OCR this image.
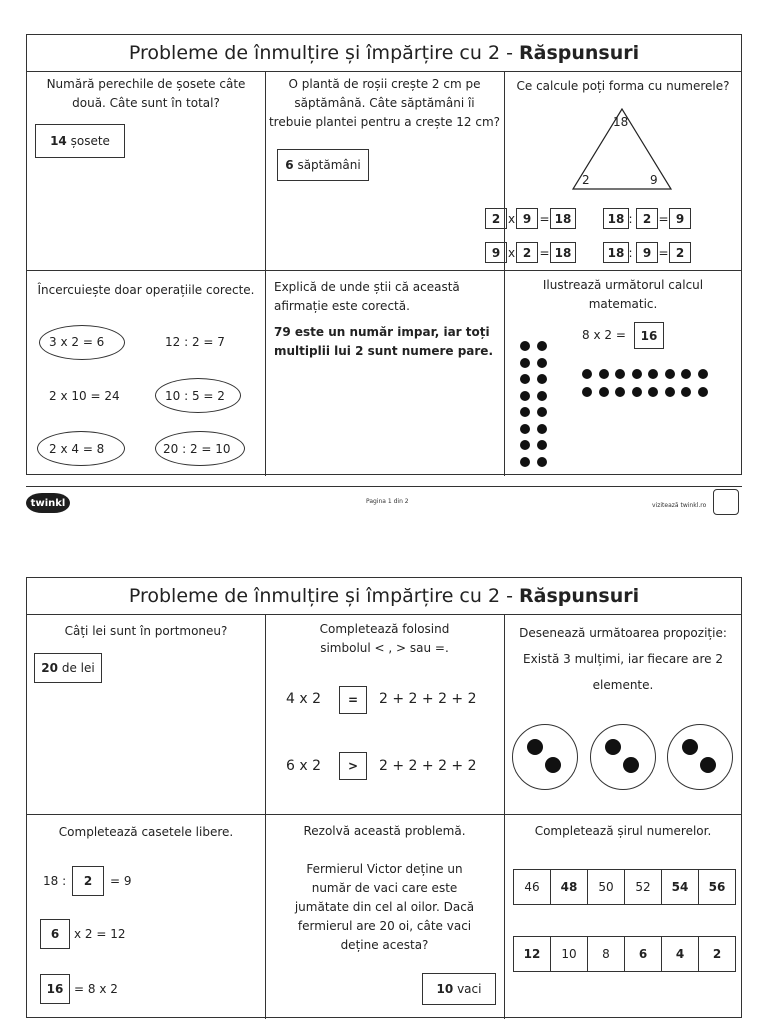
Probleme de înmulțire și împărțire cu 2 - Răspunsuri
Numără perechile de șosete câte
două. Câte sunt în total?
14
șosete
O plantă de roșii crește 2 cm pe
săptămână. Câte săptămâni îi
trebuie plantei pentru a crește 12 cm?
6
săptămâni
Ce calcule poți forma cu numerele?
18
2	9
2 x 9 = 18	18 : 2 = 9
9 x 2 = 18	18 : 9 = 2
Încercuiește doar operațiile corecte.
3 x 2 = 6	12 : 2 = 7
2 x 10 = 24	10 : 5 = 2
2 x 4 = 8	20 : 2 = 10
Explică de unde știi că această
afirmație este corectă.
79 este un număr impar, iar toți
multiplii lui 2 sunt numere pare.
Ilustrează următorul calcul
matematic.
8 x 2 = 16
twinkl	Pagina 1 din 2
vizitează twinkl.ro
Probleme de înmulțire și împărțire cu 2 - Răspunsuri
Câți lei sunt în portmoneu?
20
de lei
Completează folosind
simbolul < , > sau =.
4 x 2 = 2 + 2 + 2 + 2
6 x 2 > 2 + 2 + 2 + 2
Desenează următoarea propoziție:
Există 3 mulțimi, iar fiecare are 2
elemente.
Completează casetele libere.
18 : 2 = 9
6 x 2 = 12
16 = 8 x 2
Rezolvă această problemă.
Fermierul Victor deține un
număr de vaci care este
jumătate din cel al oilor. Dacă
fermierul are 20 oi, câte vaci
deține acesta?
10
vaci
Completează șirul numerelor.
46	48	50	52	54	56
12	10	8	6	4	2
